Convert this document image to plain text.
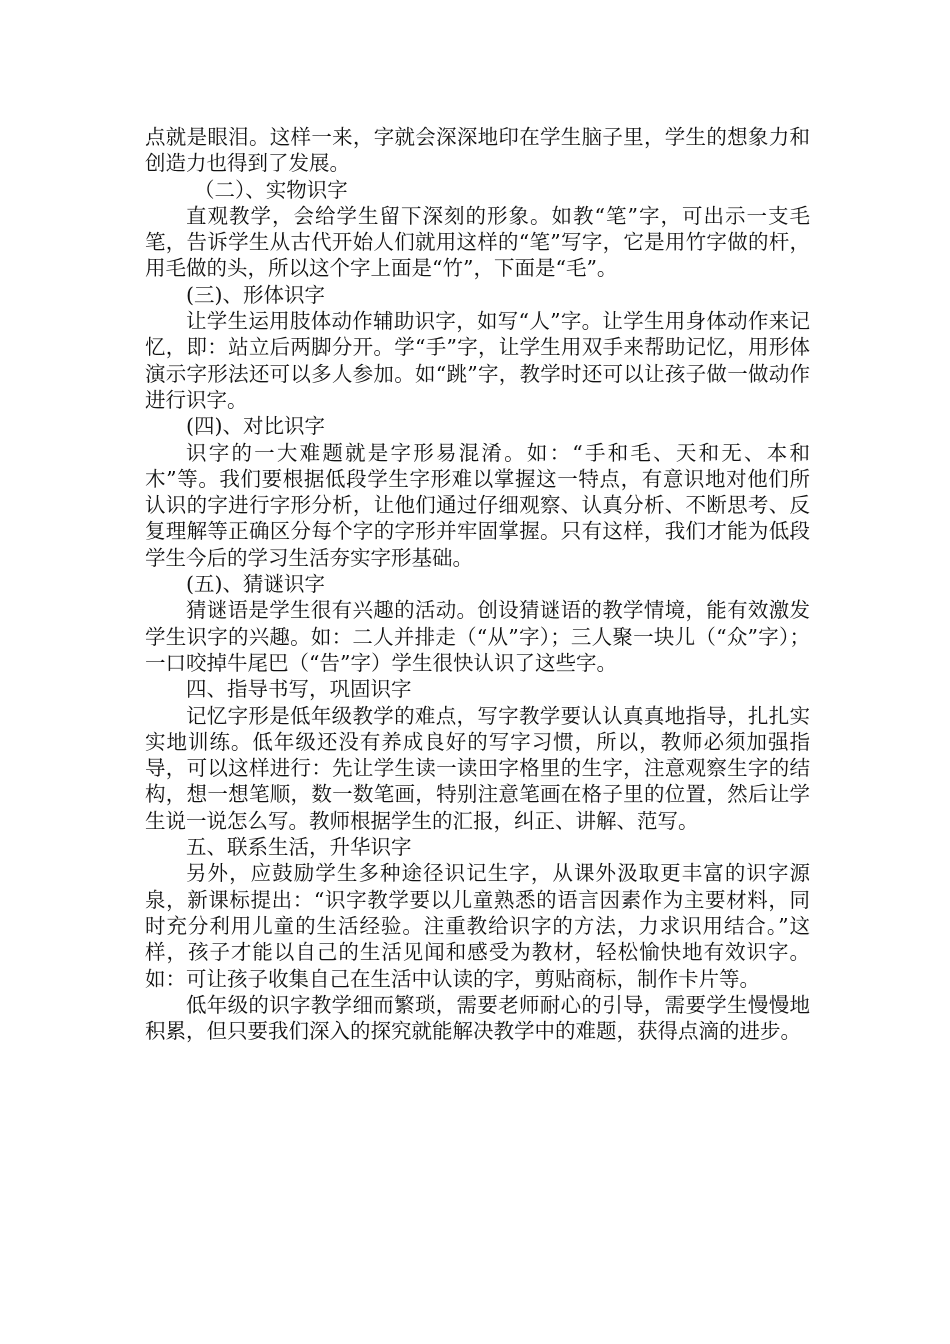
点就是眼泪。这样一来，字就会深深地印在学生脑子里，学生的想象力和创造力也得到了发展。

（二）、实物识字

直观教学，会给学生留下深刻的形象。如教“笔”字，可出示一支毛笔，告诉学生从古代开始人们就用这样的“笔”写字，它是用竹字做的杆，用毛做的头，所以这个字上面是“竹”，下面是“毛”。

(三)、形体识字

让学生运用肢体动作辅助识字，如写“人”字。让学生用身体动作来记忆，即：站立后两脚分开。学“手”字，让学生用双手来帮助记忆，用形体演示字形法还可以多人参加。如“跳”字，教学时还可以让孩子做一做动作进行识字。

(四)、对比识字

识字的一大难题就是字形易混淆。如：“手和毛、天和无、本和木”等。我们要根据低段学生字形难以掌握这一特点，有意识地对他们所认识的字进行字形分析，让他们通过仔细观察、认真分析、不断思考、反复理解等正确区分每个字的字形并牢固掌握。只有这样，我们才能为低段学生今后的学习生活夯实字形基础。

(五)、猜谜识字

猜谜语是学生很有兴趣的活动。创设猜谜语的教学情境，能有效激发学生识字的兴趣。如：二人并排走（“从”字）；三人聚一块儿（“众”字）；一口咬掉牛尾巴（“告”字）学生很快认识了这些字。

四、指导书写，巩固识字

记忆字形是低年级教学的难点，写字教学要认认真真地指导，扎扎实实地训练。低年级还没有养成良好的写字习惯，所以，教师必须加强指导，可以这样进行：先让学生读一读田字格里的生字，注意观察生字的结构，想一想笔顺，数一数笔画，特别注意笔画在格子里的位置，然后让学生说一说怎么写。教师根据学生的汇报，纠正、讲解、范写。

五、联系生活，升华识字

另外，应鼓励学生多种途径识记生字，从课外汲取更丰富的识字源泉，新课标提出：“识字教学要以儿童熟悉的语言因素作为主要材料，同时充分利用儿童的生活经验。注重教给识字的方法，力求识用结合。”这样，孩子才能以自己的生活见闻和感受为教材，轻松愉快地有效识字。如：可让孩子收集自己在生活中认读的字，剪贴商标，制作卡片等。

低年级的识字教学细而繁琐，需要老师耐心的引导，需要学生慢慢地积累，但只要我们深入的探究就能解决教学中的难题，获得点滴的进步。
